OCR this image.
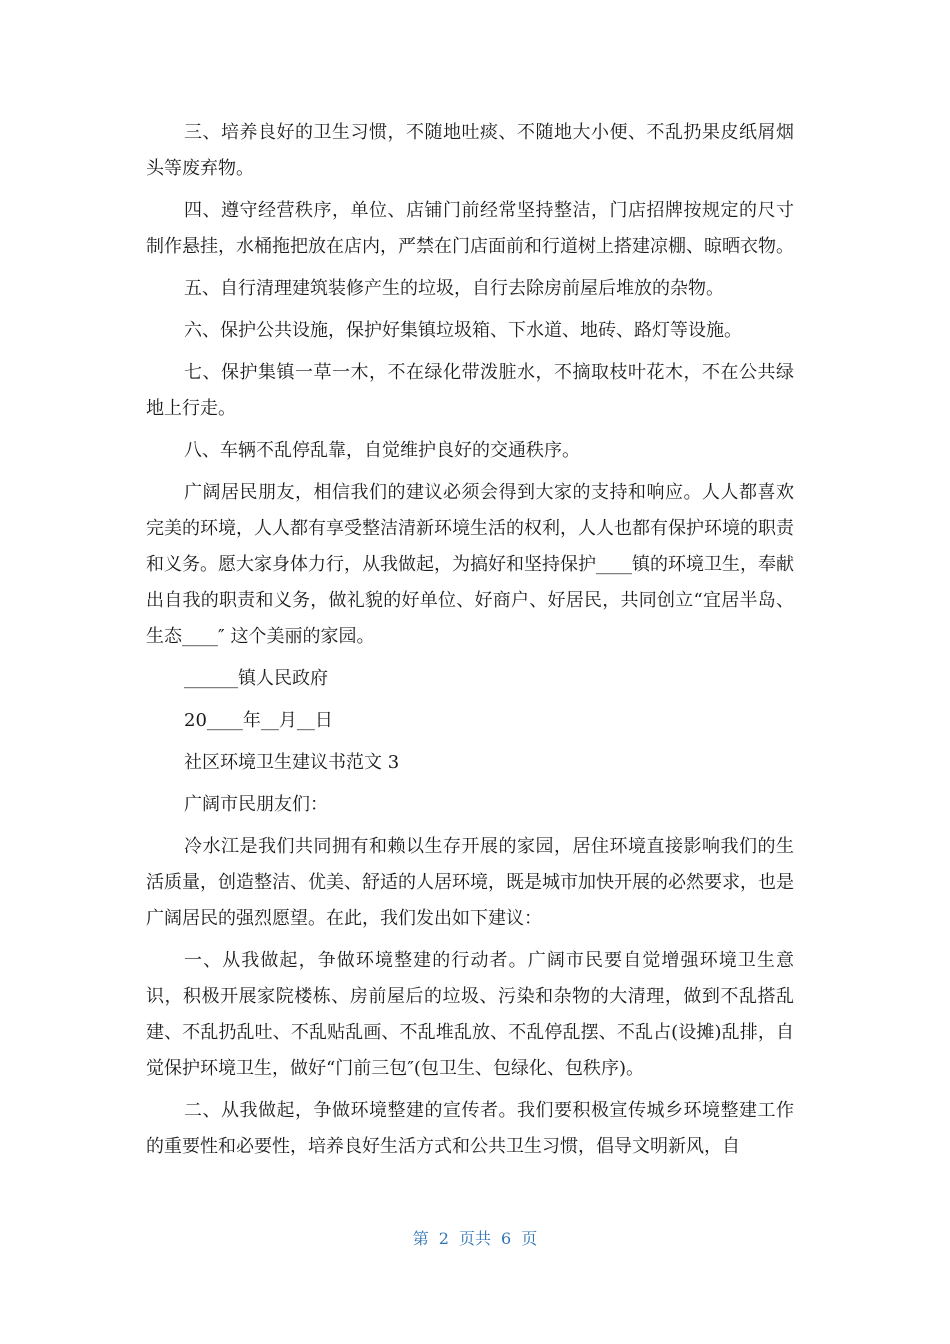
三、培养良好的卫生习惯，不随地吐痰、不随地大小便、不乱扔果皮纸屑烟头等废弃物。

四、遵守经营秩序，单位、店铺门前经常坚持整洁，门店招牌按规定的尺寸制作悬挂，水桶拖把放在店内，严禁在门店面前和行道树上搭建凉棚、晾晒衣物。

五、自行清理建筑装修产生的垃圾，自行去除房前屋后堆放的杂物。

六、保护公共设施，保护好集镇垃圾箱、下水道、地砖、路灯等设施。

七、保护集镇一草一木，不在绿化带泼脏水，不摘取枝叶花木，不在公共绿地上行走。

八、车辆不乱停乱靠，自觉维护良好的交通秩序。

广阔居民朋友，相信我们的建议必须会得到大家的支持和响应。人人都喜欢完美的环境，人人都有享受整洁清新环境生活的权利，人人也都有保护环境的职责和义务。愿大家身体力行，从我做起，为搞好和坚持保护____镇的环境卫生，奉献出自我的职责和义务，做礼貌的好单位、好商户、好居民，共同创立“宜居半岛、生态____″ 这个美丽的家园。

______镇人民政府

20____年__月__日

社区环境卫生建议书范文 3

广阔市民朋友们：

冷水江是我们共同拥有和赖以生存开展的家园，居住环境直接影响我们的生活质量，创造整洁、优美、舒适的人居环境，既是城市加快开展的必然要求，也是广阔居民的强烈愿望。在此，我们发出如下建议：

一、从我做起，争做环境整建的行动者。广阔市民要自觉增强环境卫生意识，积极开展家院楼栋、房前屋后的垃圾、污染和杂物的大清理，做到不乱搭乱建、不乱扔乱吐、不乱贴乱画、不乱堆乱放、不乱停乱摆、不乱占(设摊)乱排，自觉保护环境卫生，做好“门前三包″(包卫生、包绿化、包秩序)。

二、从我做起，争做环境整建的宣传者。我们要积极宣传城乡环境整建工作的重要性和必要性，培养良好生活方式和公共卫生习惯，倡导文明新风，自

第 2 页共 6 页
